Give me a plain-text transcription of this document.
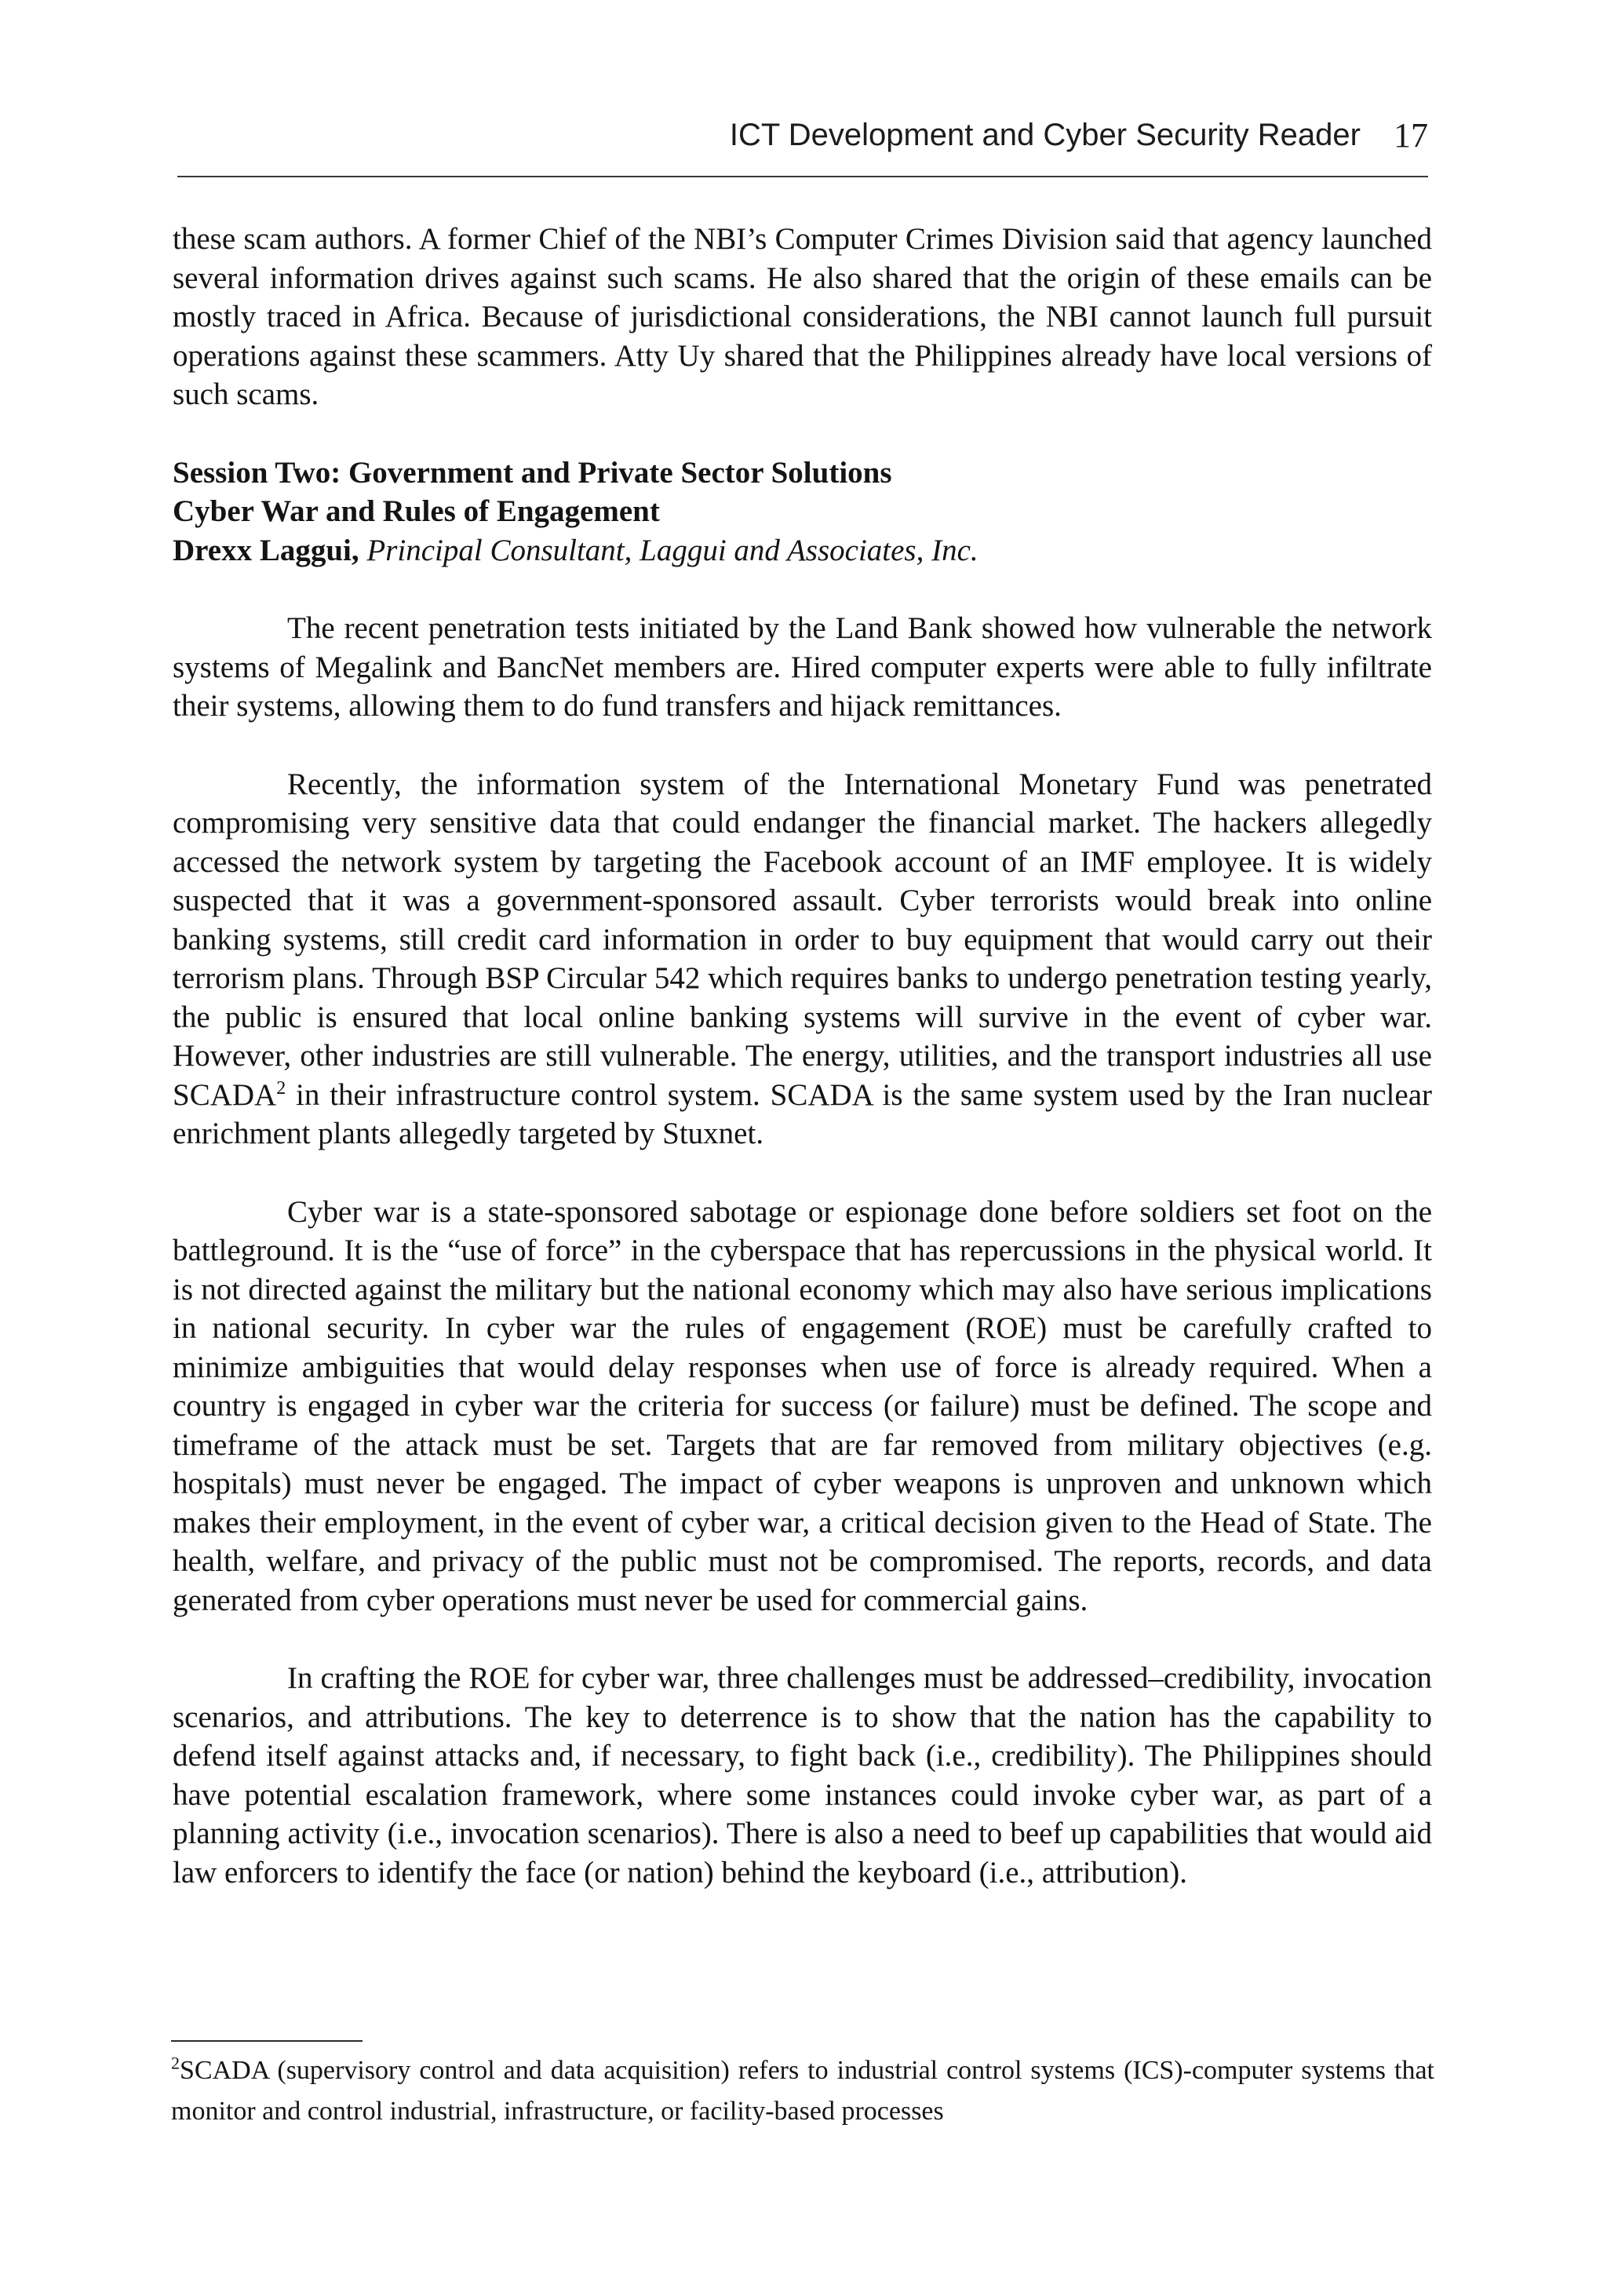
ICT Development and Cyber Security Reader 17

these scam authors. A former Chief of the NBI’s Computer Crimes Division said that agency launched several information drives against such scams. He also shared that the origin of these emails can be mostly traced in Africa. Because of jurisdictional considerations, the NBI cannot launch full pursuit operations against these scammers. Atty Uy shared that the Philippines already have local versions of such scams.

Session Two: Government and Private Sector Solutions
Cyber War and Rules of Engagement
Drexx Laggui, Principal Consultant, Laggui and Associates, Inc.

The recent penetration tests initiated by the Land Bank showed how vulnerable the network systems of Megalink and BancNet members are. Hired computer experts were able to fully infiltrate their systems, allowing them to do fund transfers and hijack remittances.

Recently, the information system of the International Monetary Fund was penetrated compromising very sensitive data that could endanger the financial market. The hackers allegedly accessed the network system by targeting the Facebook account of an IMF employee. It is widely suspected that it was a government-sponsored assault. Cyber terrorists would break into online banking systems, still credit card information in order to buy equipment that would carry out their terrorism plans. Through BSP Circular 542 which requires banks to undergo penetration testing yearly, the public is ensured that local online banking systems will survive in the event of cyber war. However, other industries are still vulnerable. The energy, utilities, and the transport industries all use SCADA$^2$ in their infrastructure control system. SCADA is the same system used by the Iran nuclear enrichment plants allegedly targeted by Stuxnet.

Cyber war is a state-sponsored sabotage or espionage done before soldiers set foot on the battleground. It is the “use of force” in the cyberspace that has repercussions in the physical world. It is not directed against the military but the national economy which may also have serious implications in national security. In cyber war the rules of engagement (ROE) must be carefully crafted to minimize ambiguities that would delay responses when use of force is already required. When a country is engaged in cyber war the criteria for success (or failure) must be defined. The scope and timeframe of the attack must be set. Targets that are far removed from military objectives (e.g. hospitals) must never be engaged. The impact of cyber weapons is unproven and unknown which makes their employment, in the event of cyber war, a critical decision given to the Head of State. The health, welfare, and privacy of the public must not be compromised. The reports, records, and data generated from cyber operations must never be used for commercial gains.

In crafting the ROE for cyber war, three challenges must be addressed–credibility, invocation scenarios, and attributions. The key to deterrence is to show that the nation has the capability to defend itself against attacks and, if necessary, to fight back (i.e., credibility). The Philippines should have potential escalation framework, where some instances could invoke cyber war, as part of a planning activity (i.e., invocation scenarios). There is also a need to beef up capabilities that would aid law enforcers to identify the face (or nation) behind the keyboard (i.e., attribution).

$^2$SCADA (supervisory control and data acquisition) refers to industrial control systems (ICS)-computer systems that monitor and control industrial, infrastructure, or facility-based processes
